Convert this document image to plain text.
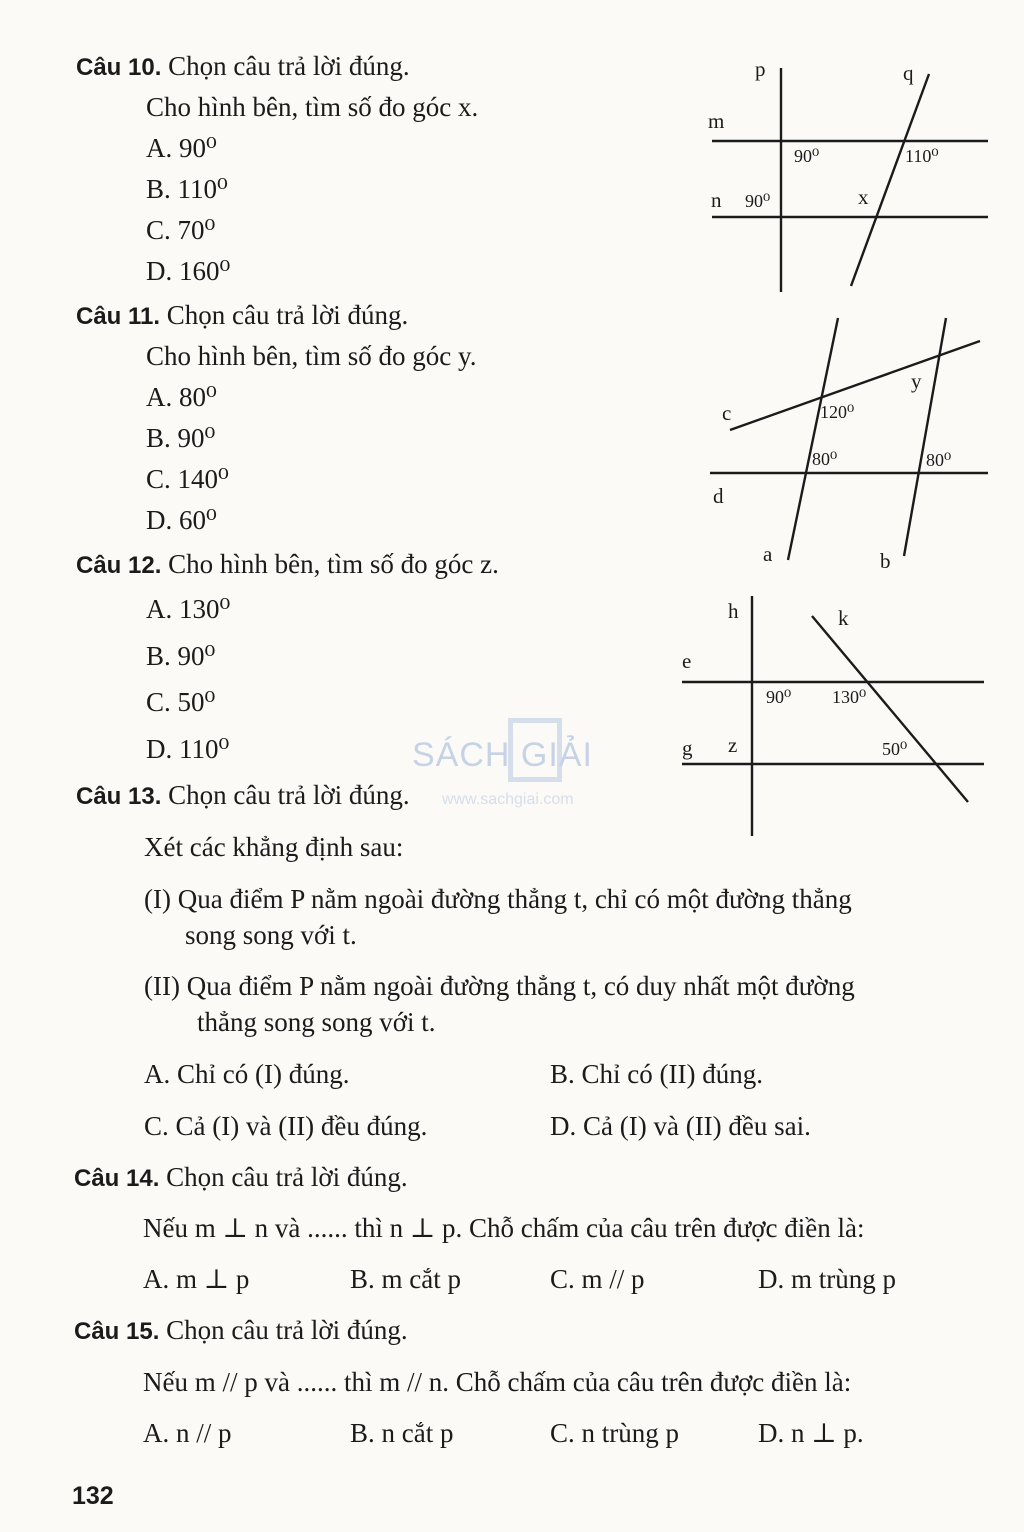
Câu 10. Chọn câu trả lời đúng.
Cho hình bên, tìm số đo góc x.
A. 90⁰
B. 110⁰
C. 70⁰
D. 160⁰
p	q
m
n
90⁰	110⁰
90⁰	x
Câu 11. Chọn câu trả lời đúng.
Cho hình bên, tìm số đo góc y.
A. 80⁰
B. 90⁰
C. 140⁰
D. 60⁰
c
d
a	b
120⁰
y
80⁰	80⁰
Câu 12. Cho hình bên, tìm số đo góc z.
A. 130⁰
B. 90⁰
C. 50⁰
D. 110⁰
h	k
e
g
90⁰ 130⁰
z	50⁰
SÁCH GIẢI
www.sachgiai.com
Câu 13. Chọn câu trả lời đúng.
Xét các khẳng định sau:
(I) Qua điểm P nằm ngoài đường thẳng t, chỉ có một đường thẳng
song song với t.
(II) Qua điểm P nằm ngoài đường thẳng t, có duy nhất một đường
thẳng song song với t.
A. Chỉ có (I) đúng.	B. Chỉ có (II) đúng.
C. Cả (I) và (II) đều đúng.	D. Cả (I) và (II) đều sai.
Câu 14. Chọn câu trả lời đúng.
Nếu m ⊥ n và ...... thì n ⊥ p. Chỗ chấm của câu trên được điền là:
A. m ⊥ p	B. m cắt p	C. m // p	D. m trùng p
Câu 15. Chọn câu trả lời đúng.
Nếu m // p và ...... thì m // n. Chỗ chấm của câu trên được điền là:
A. n // p	B. n cắt p	C. n trùng p	D. n ⊥ p.
132
